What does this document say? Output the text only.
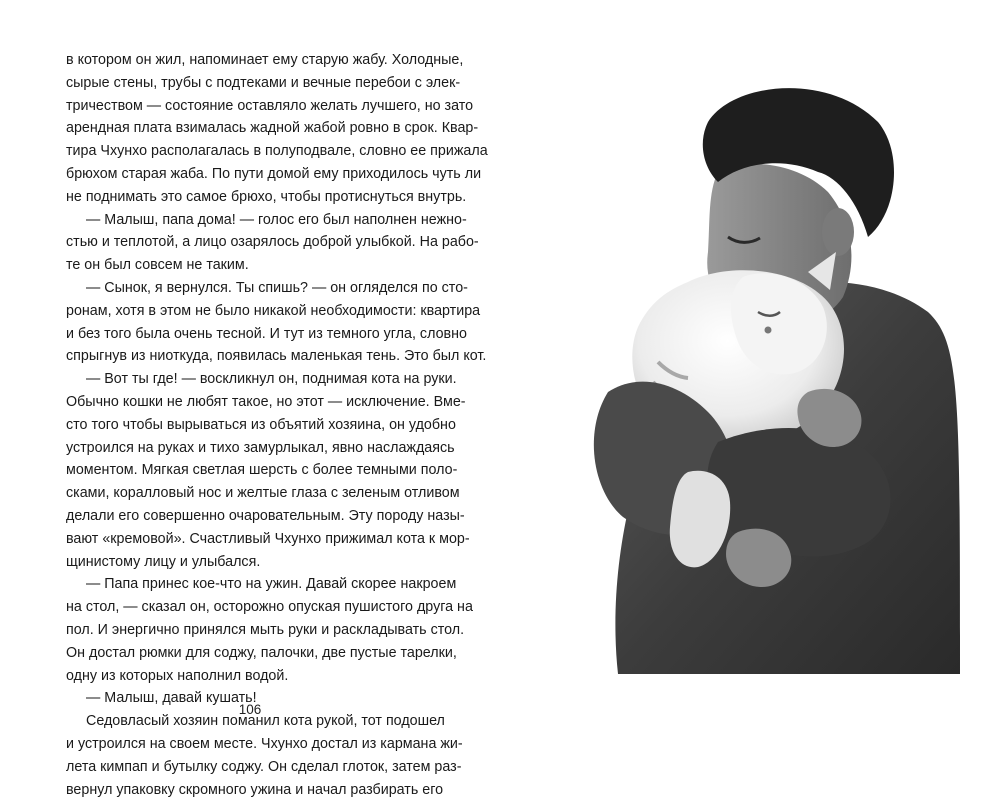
в котором он жил, напоминает ему старую жабу. Холодные,
сырые стены, трубы с подтеками и вечные перебои с элек-
тричеством — состояние оставляло желать лучшего, но зато
арендная плата взималась жадной жабой ровно в срок. Квар-
тира Чхунхо располагалась в полуподвале, словно ее прижала
брюхом старая жаба. По пути домой ему приходилось чуть ли
не поднимать это самое брюхо, чтобы протиснуться внутрь.
— Малыш, папа дома! — голос его был наполнен нежно-
стью и теплотой, а лицо озарялось доброй улыбкой. На рабо-
те он был совсем не таким.
— Сынок, я вернулся. Ты спишь? — он огляделся по сто-
ронам, хотя в этом не было никакой необходимости: квартира
и без того была очень тесной. И тут из темного угла, словно
спрыгнув из ниоткуда, появилась маленькая тень. Это был кот.
— Вот ты где! — воскликнул он, поднимая кота на руки.
Обычно кошки не любят такое, но этот — исключение. Вме-
сто того чтобы вырываться из объятий хозяина, он удобно
устроился на руках и тихо замурлыкал, явно наслаждаясь
моментом. Мягкая светлая шерсть с более темными поло-
сками, коралловый нос и желтые глаза с зеленым отливом
делали его совершенно очаровательным. Эту породу назы-
вают «кремовой». Счастливый Чхунхо прижимал кота к мор-
щинистому лицу и улыбался.
— Папа принес кое-что на ужин. Давай скорее накроем
на стол, — сказал он, осторожно опуская пушистого друга на
пол. И энергично принялся мыть руки и раскладывать стол.
Он достал рюмки для соджу, палочки, две пустые тарелки,
одну из которых наполнил водой.
— Малыш, давай кушать!
Седовласый хозяин поманил кота рукой, тот подошел
и устроился на своем месте. Чхунхо достал из кармана жи-
лета кимпап и бутылку соджу. Он сделал глоток, затем раз-
вернул упаковку скромного ужина и начал разбирать его
106
